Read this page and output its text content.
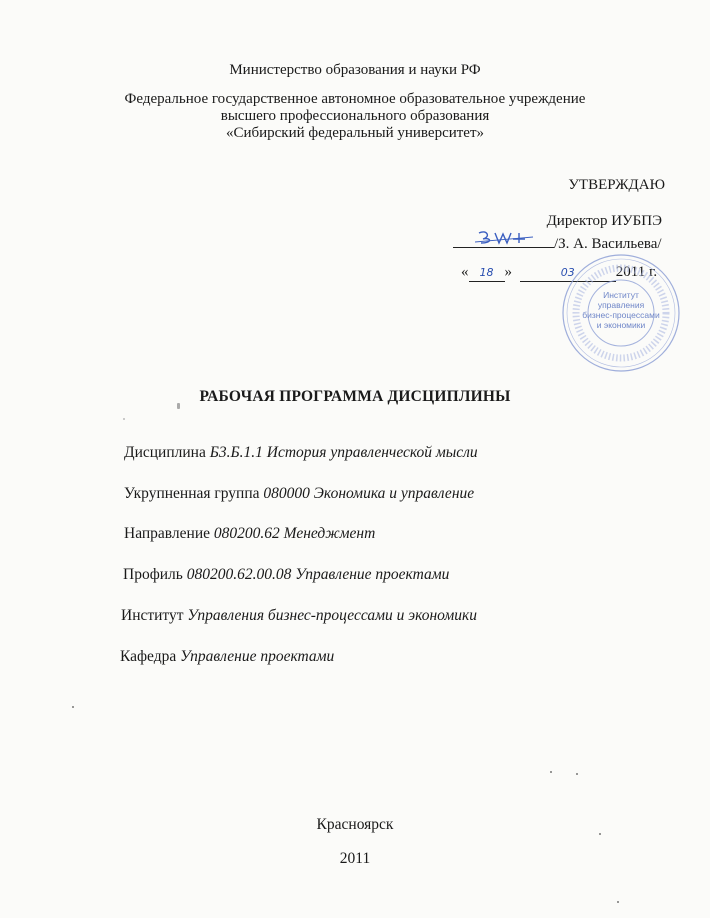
Министерство образования и науки РФ
Федеральное государственное автономное образовательное учреждение
высшего профессионального образования
«Сибирский федеральный университет»
УТВЕРЖДАЮ
Директор ИУБПЭ
/З. А. Васильева/
« 18 »	03	2011 г.
Институт
управления
бизнес-процессами
и экономики
РАБОЧАЯ ПРОГРАММА ДИСЦИПЛИНЫ
Дисциплина Б3.Б.1.1 История управленческой мысли
Укрупненная группа 080000 Экономика и управление
Направление 080200.62 Менеджмент
Профиль 080200.62.00.08 Управление проектами
Институт Управления бизнес-процессами и экономики
Кафедра Управление проектами
Красноярск
2011
